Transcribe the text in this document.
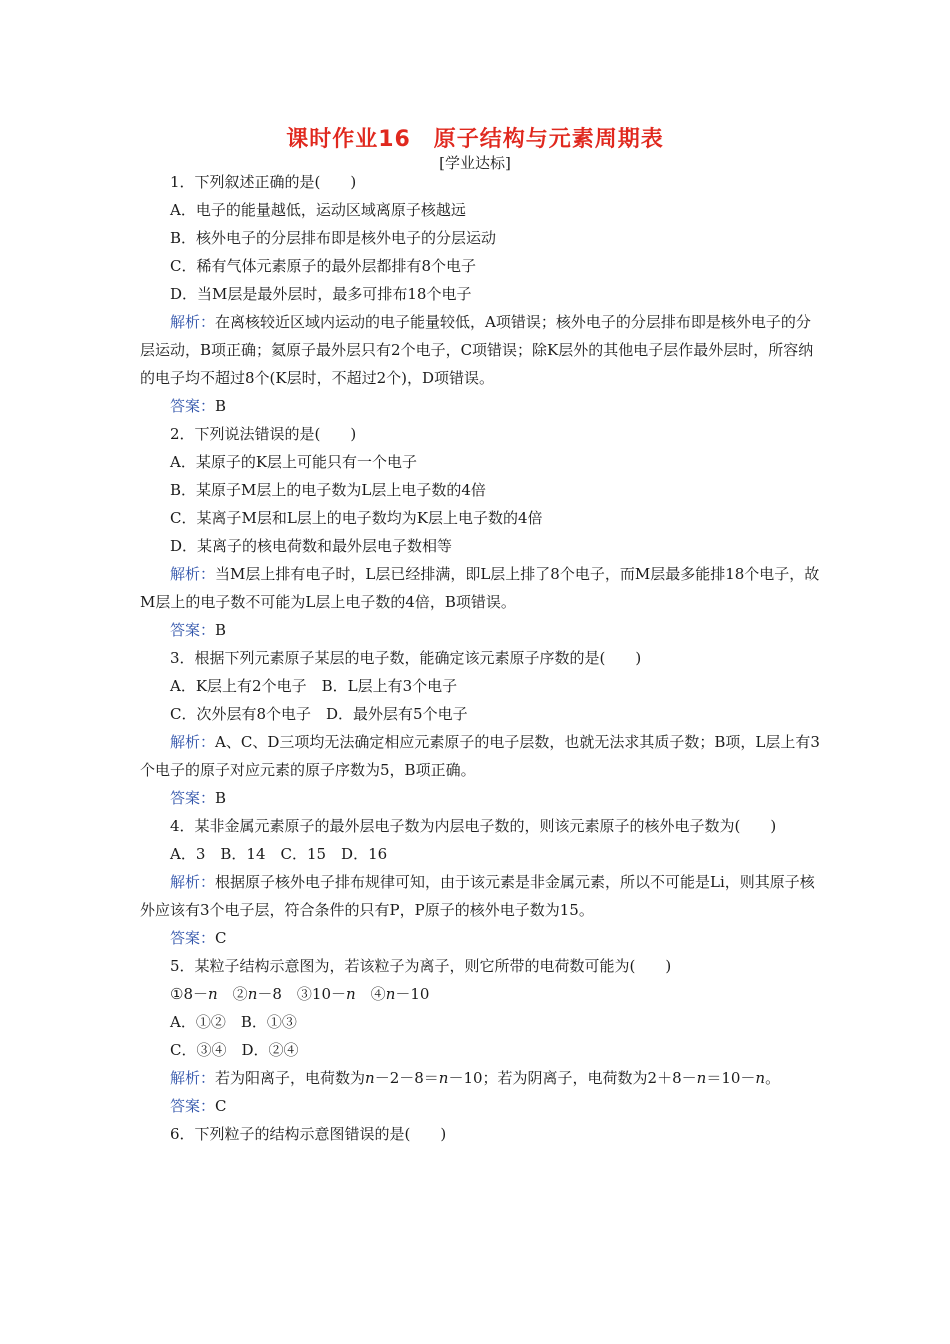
课时作业16　原子结构与元素周期表
[学业达标]

1．下列叙述正确的是(　　)

A．电子的能量越低，运动区域离原子核越远

B．核外电子的分层排布即是核外电子的分层运动

C．稀有气体元素原子的最外层都排有8个电子

D．当M层是最外层时，最多可排布18个电子

解析：在离核较近区域内运动的电子能量较低，A项错误；核外电子的分层排布即是核外电子的分层运动，B项正确；氦原子最外层只有2个电子，C项错误；除K层外的其他电子层作最外层时，所容纳的电子均不超过8个(K层时，不超过2个)，D项错误。

答案：B

2．下列说法错误的是(　　)

A．某原子的K层上可能只有一个电子

B．某原子M层上的电子数为L层上电子数的4倍

C．某离子M层和L层上的电子数均为K层上电子数的4倍

D．某离子的核电荷数和最外层电子数相等

解析：当M层上排有电子时，L层已经排满，即L层上排了8个电子，而M层最多能排18个电子，故M层上的电子数不可能为L层上电子数的4倍，B项错误。

答案：B

3．根据下列元素原子某层的电子数，能确定该元素原子序数的是(　　)

A．K层上有2个电子　B．L层上有3个电子

C．次外层有8个电子　D．最外层有5个电子

解析：A、C、D三项均无法确定相应元素原子的电子层数，也就无法求其质子数；B项，L层上有3个电子的原子对应元素的原子序数为5，B项正确。

答案：B

4．某非金属元素原子的最外层电子数为内层电子数的，则该元素原子的核外电子数为(　　)

A．3　B．14　C．15　D．16

解析：根据原子核外电子排布规律可知，由于该元素是非金属元素，所以不可能是Li，则其原子核外应该有3个电子层，符合条件的只有P，P原子的核外电子数为15。

答案：C

5．某粒子结构示意图为，若该粒子为离子，则它所带的电荷数可能为(　　)

①8－n　②n－8　③10－n　④n－10

A．①②　B．①③

C．③④　D．②④

解析：若为阳离子，电荷数为n－2－8＝n－10；若为阴离子，电荷数为2＋8－n＝10－n。

答案：C

6．下列粒子的结构示意图错误的是(　　)
